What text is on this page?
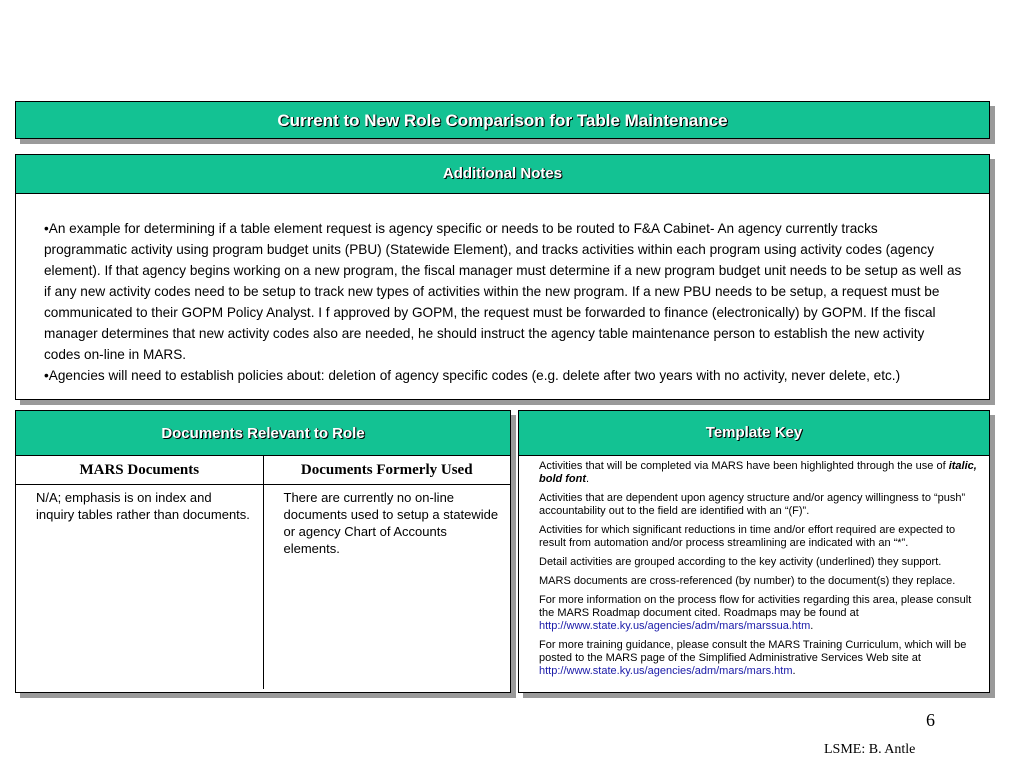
Current to New Role Comparison for Table Maintenance
Additional Notes

•An example for determining if a table element request is agency specific or needs to be routed to F&A Cabinet- An agency currently tracks programmatic activity using program budget units (PBU) (Statewide Element), and tracks activities within each program using activity codes (agency element). If that agency begins working on a new program, the fiscal manager must determine if a new program budget unit needs to be setup as well as if any new activity codes need to be setup to track new types of activities within the new program. If a new PBU needs to be setup, a request must be communicated to their GOPM Policy Analyst. I f approved by GOPM, the request must be forwarded to finance (electronically) by GOPM. If the fiscal manager determines that new activity codes also are needed, he should instruct the agency table maintenance person to establish the new activity codes on-line in MARS.

•Agencies will need to establish policies about: deletion of agency specific codes (e.g. delete after two years with no activity, never delete, etc.)

Documents Relevant to Role
MARS Documents	Documents Formerly Used
N/A; emphasis is on index and inquiry tables rather than documents.	There are currently no on-line documents used to setup a statewide or agency Chart of Accounts elements.
Template Key

Activities that will be completed via MARS have been highlighted through the use of italic, bold font.

Activities that are dependent upon agency structure and/or agency willingness to “push” accountability out to the field are identified with an “(F)”.

Activities for which significant reductions in time and/or effort required are expected to result from automation and/or process streamlining are indicated with an “*”.

Detail activities are grouped according to the key activity (underlined) they support.

MARS documents are cross-referenced (by number) to the document(s) they replace.

For more information on the process flow for activities regarding this area, please consult the MARS Roadmap document cited. Roadmaps may be found at http://www.state.ky.us/agencies/adm/mars/marssua.htm.

For more training guidance, please consult the MARS Training Curriculum, which will be posted to the MARS page of the Simplified Administrative Services Web site at http://www.state.ky.us/agencies/adm/mars/mars.htm.

6
LSME: B. Antle
